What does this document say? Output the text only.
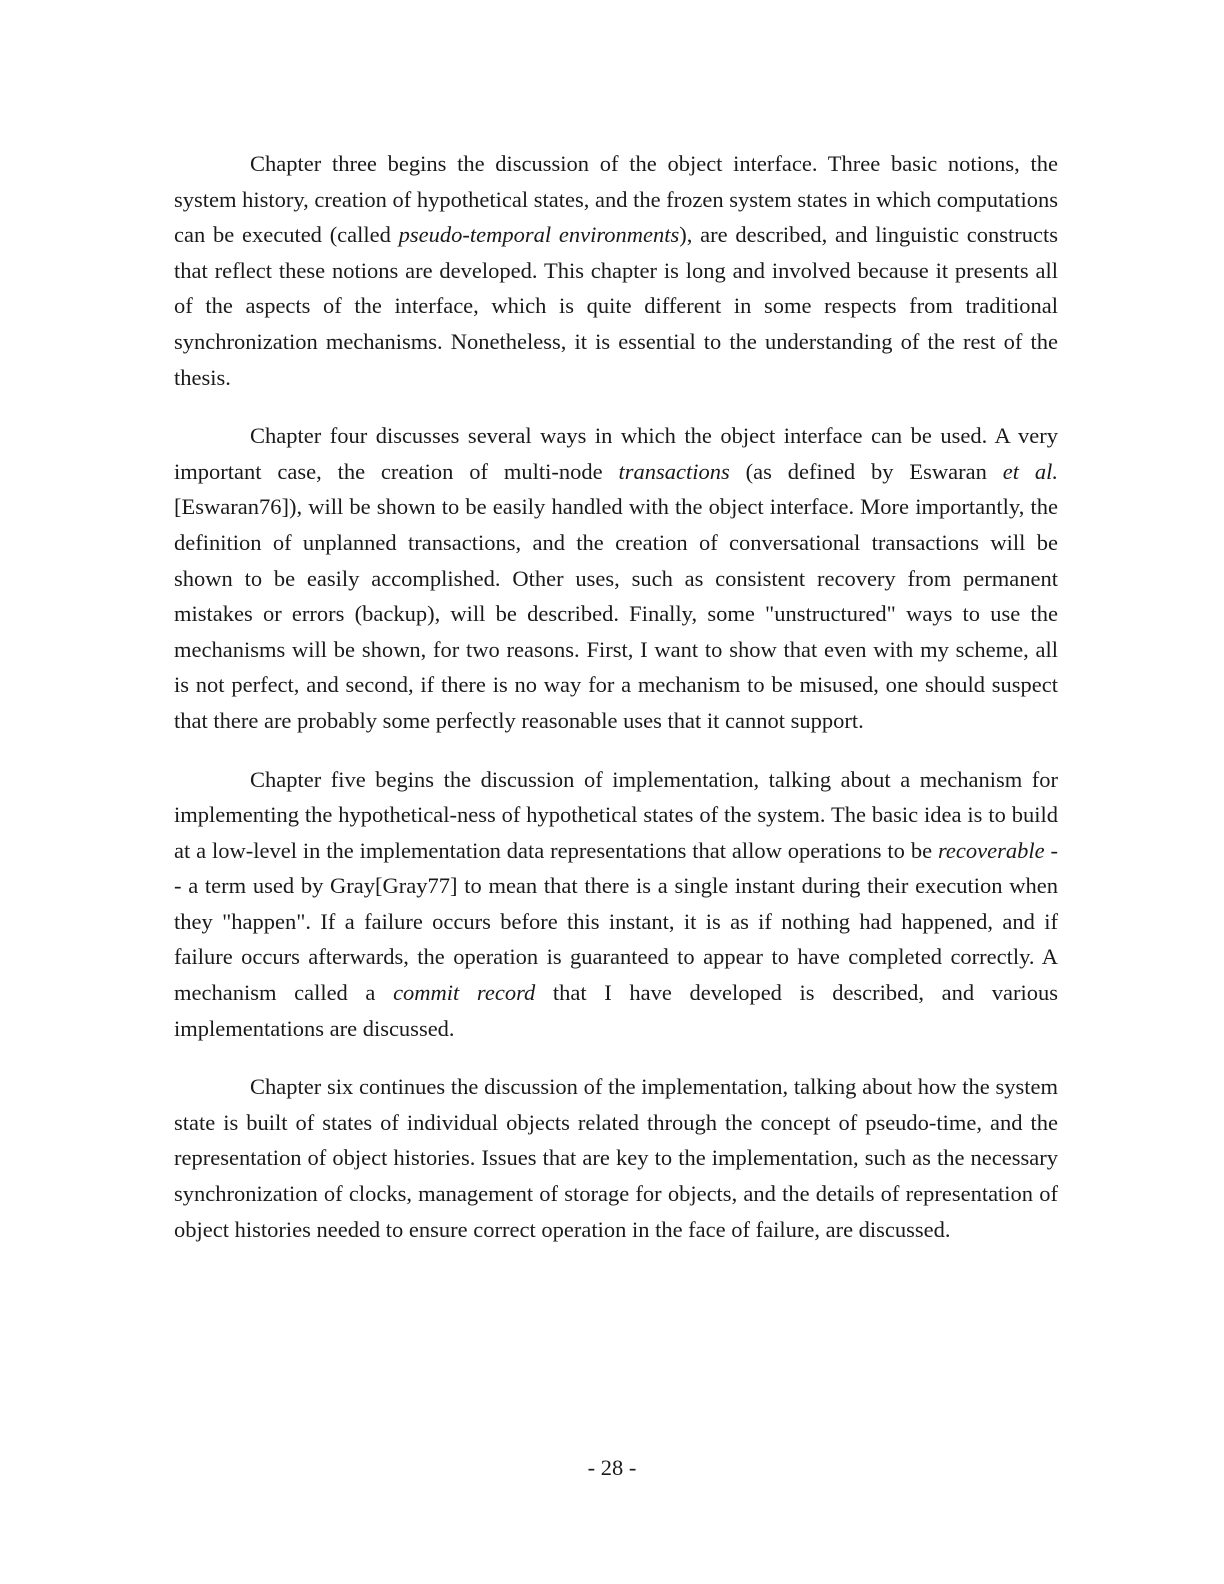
Chapter three begins the discussion of the object interface. Three basic notions, the system history, creation of hypothetical states, and the frozen system states in which computations can be executed (called pseudo-temporal environments), are described, and linguistic constructs that reflect these notions are developed. This chapter is long and involved because it presents all of the aspects of the interface, which is quite different in some respects from traditional synchronization mechanisms. Nonetheless, it is essential to the understanding of the rest of the thesis.

Chapter four discusses several ways in which the object interface can be used. A very important case, the creation of multi-node transactions (as defined by Eswaran et al.[Eswaran76]), will be shown to be easily handled with the object interface. More importantly, the definition of unplanned transactions, and the creation of conversational transactions will be shown to be easily accomplished. Other uses, such as consistent recovery from permanent mistakes or errors (backup), will be described. Finally, some "unstructured" ways to use the mechanisms will be shown, for two reasons. First, I want to show that even with my scheme, all is not perfect, and second, if there is no way for a mechanism to be misused, one should suspect that there are probably some perfectly reasonable uses that it cannot support.

Chapter five begins the discussion of implementation, talking about a mechanism for implementing the hypothetical-ness of hypothetical states of the system. The basic idea is to build at a low-level in the implementation data representations that allow operations to be recoverable -- a term used by Gray[Gray77] to mean that there is a single instant during their execution when they "happen". If a failure occurs before this instant, it is as if nothing had happened, and if failure occurs afterwards, the operation is guaranteed to appear to have completed correctly. A mechanism called a commit record that I have developed is described, and various implementations are discussed.

Chapter six continues the discussion of the implementation, talking about how the system state is built of states of individual objects related through the concept of pseudo-time, and the representation of object histories. Issues that are key to the implementation, such as the necessary synchronization of clocks, management of storage for objects, and the details of representation of object histories needed to ensure correct operation in the face of failure, are discussed.

- 28 -
